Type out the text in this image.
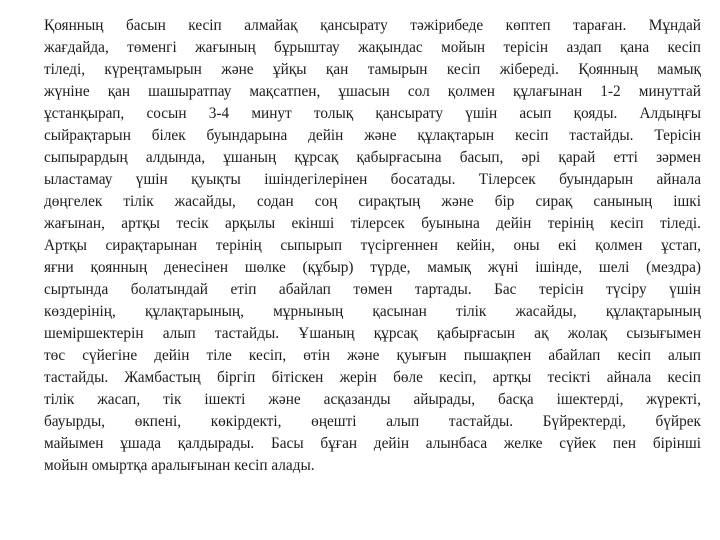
Қоянның басын кесіп алмайақ қансырату тәжірибеде көптеп тараған. Мұндай
жағдайда, төменгі жағының бұрыштау жақындас мойын терісін аздап қана кесіп
тіледі, күреңтамырын және ұйқы қан тамырын кесіп жібереді. Қоянның мамық
жүніне қан шашыратпау мақсатпен, ұшасын сол қолмен құлағынан 1-2 минуттай
ұстанқырап, сосын 3-4 минут толық қансырату үшін асып қояды. Алдыңғы
сыйрақтарын білек буындарына дейін және құлақтарын кесіп тастайды. Терісін
сыпырардың алдында, ұшаның құрсақ қабырғасына басып, әрі қарай етті зәрмен
ыластамау үшін қуықты ішіндегілерінен босатады. Тілерсек буындарын айнала
дөңгелек тілік жасайды, содан соң сирақтың және бір сирақ санының ішкі
жағынан, артқы тесік арқылы екінші тілерсек буынына дейін терінің кесіп тіледі.
Артқы сирақтарынан терінің сыпырып түсіргеннен кейін, оны екі қолмен ұстап,
яғни қоянның денесінен шөлке (құбыр) түрде, мамық жүні ішінде, шелі (мездра)
сыртында болатындай етіп абайлап төмен тартады. Бас терісін түсіру үшін
көздерінің, құлақтарының, мұрнының қасынан тілік жасайды, құлақтарының
шеміршектерін алып тастайды. Ұшаның құрсақ қабырғасын ақ жолақ сызығымен
төс сүйегіне дейін тіле кесіп, өтін және қуығын пышақпен абайлап кесіп алып
тастайды. Жамбастың біргіп бітіскен жерін бөле кесіп, артқы тесікті айнала кесіп
тілік жасап, тік ішекті және асқазанды айырады, басқа ішектерді, жүректі,
бауырды, өкпені, көкірдекті, өңешті алып тастайды. Бүйректерді, бүйрек
майымен ұшада қалдырады. Басы бұған дейін алынбаса желке сүйек пен бірінші
мойын омыртқа аралығынан кесіп алады.
